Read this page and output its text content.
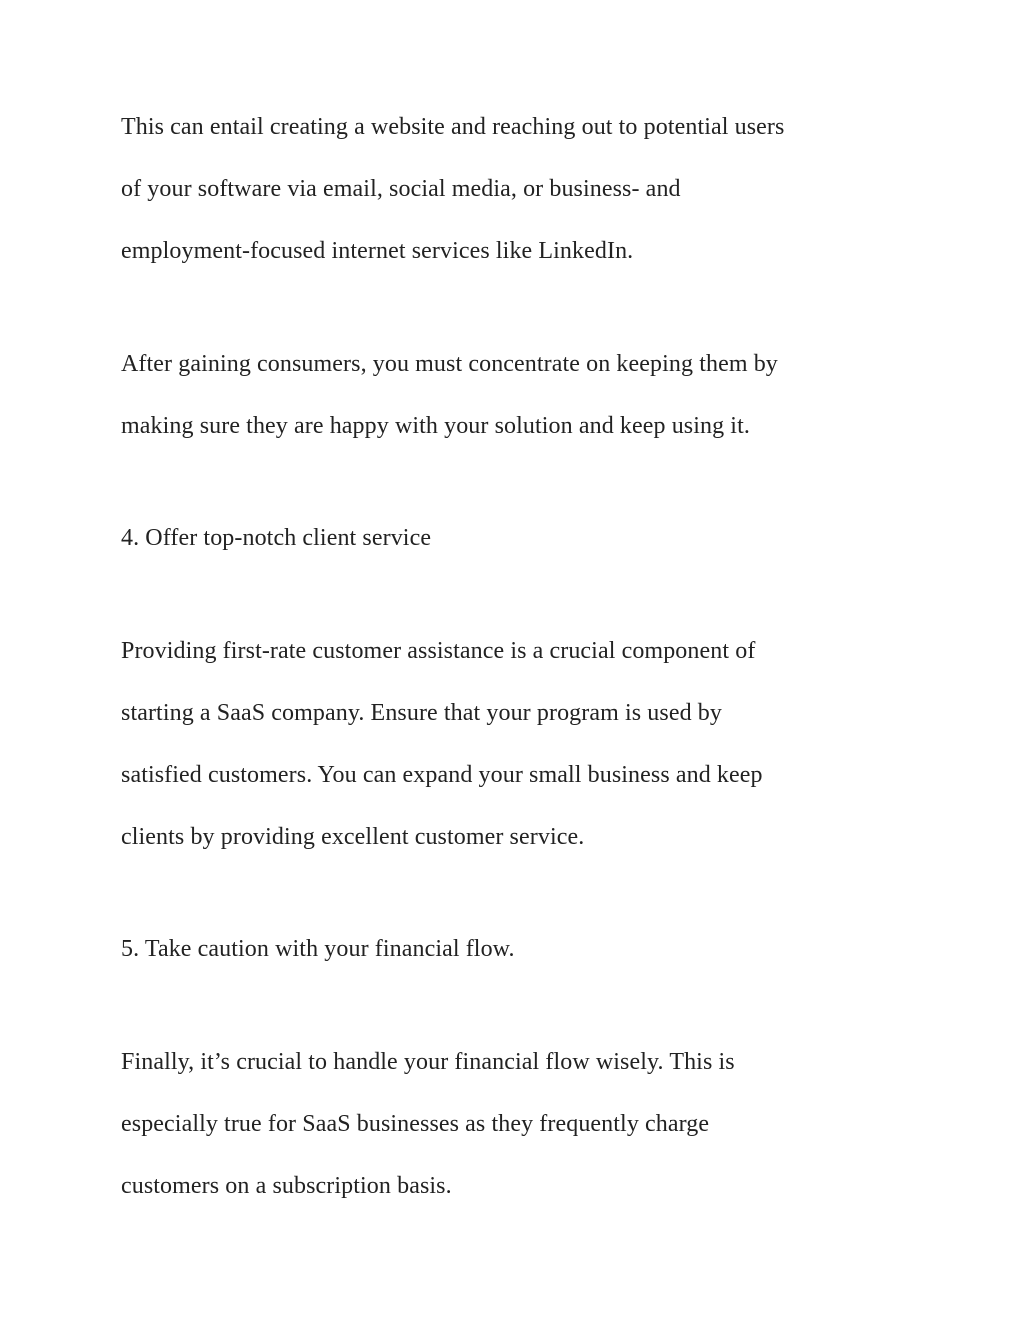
This can entail creating a website and reaching out to potential users
of your software via email, social media, or business- and
employment-focused internet services like LinkedIn.

After gaining consumers, you must concentrate on keeping them by
making sure they are happy with your solution and keep using it.

4. Offer top-notch client service

Providing first-rate customer assistance is a crucial component of
starting a SaaS company. Ensure that your program is used by
satisfied customers. You can expand your small business and keep
clients by providing excellent customer service.

5. Take caution with your financial flow.

Finally, it’s crucial to handle your financial flow wisely. This is
especially true for SaaS businesses as they frequently charge
customers on a subscription basis.
